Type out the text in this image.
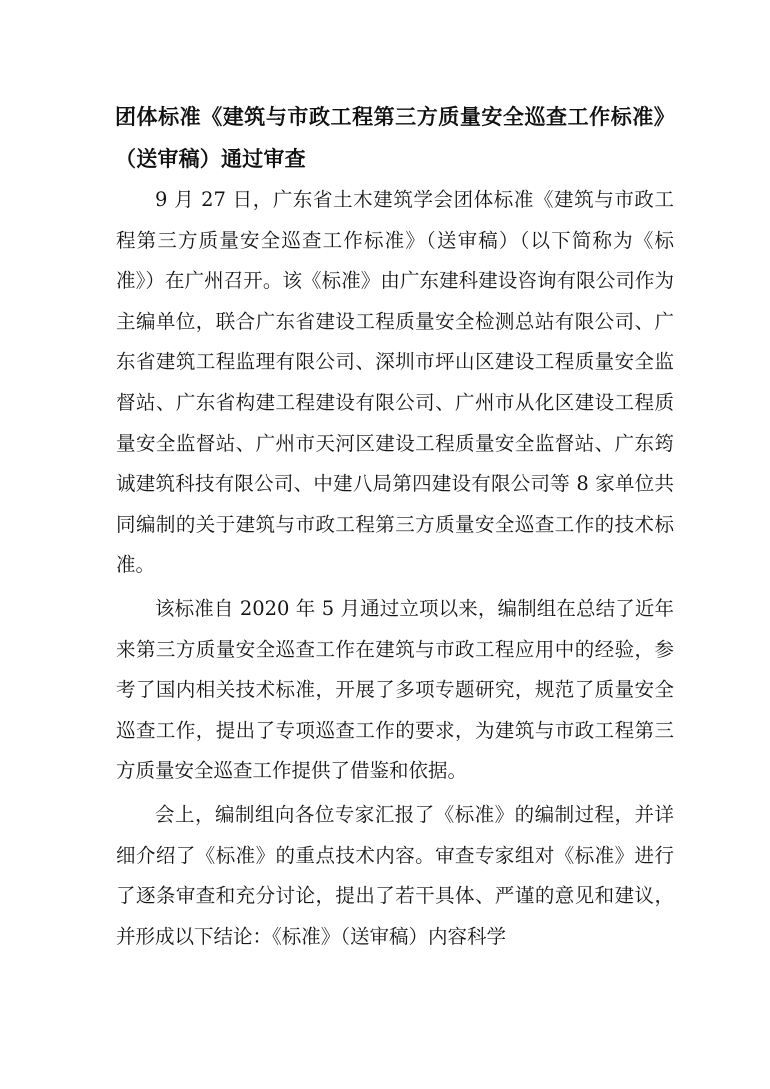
团体标准《建筑与市政工程第三方质量安全巡查工作标准》（送审稿）通过审查

9 月 27 日，广东省土木建筑学会团体标准《建筑与市政工程第三方质量安全巡查工作标准》（送审稿）（以下简称为《标准》）在广州召开。该《标准》由广东建科建设咨询有限公司作为主编单位，联合广东省建设工程质量安全检测总站有限公司、广东省建筑工程监理有限公司、深圳市坪山区建设工程质量安全监督站、广东省构建工程建设有限公司、广州市从化区建设工程质量安全监督站、广州市天河区建设工程质量安全监督站、广东筠诚建筑科技有限公司、中建八局第四建设有限公司等 8 家单位共同编制的关于建筑与市政工程第三方质量安全巡查工作的技术标准。

该标准自 2020 年 5 月通过立项以来，编制组在总结了近年来第三方质量安全巡查工作在建筑与市政工程应用中的经验，参考了国内相关技术标准，开展了多项专题研究，规范了质量安全巡查工作，提出了专项巡查工作的要求，为建筑与市政工程第三方质量安全巡查工作提供了借鉴和依据。

会上，编制组向各位专家汇报了《标准》的编制过程，并详细介绍了《标准》的重点技术内容。审查专家组对《标准》进行了逐条审查和充分讨论，提出了若干具体、严谨的意见和建议，并形成以下结论：《标准》（送审稿）内容科学
